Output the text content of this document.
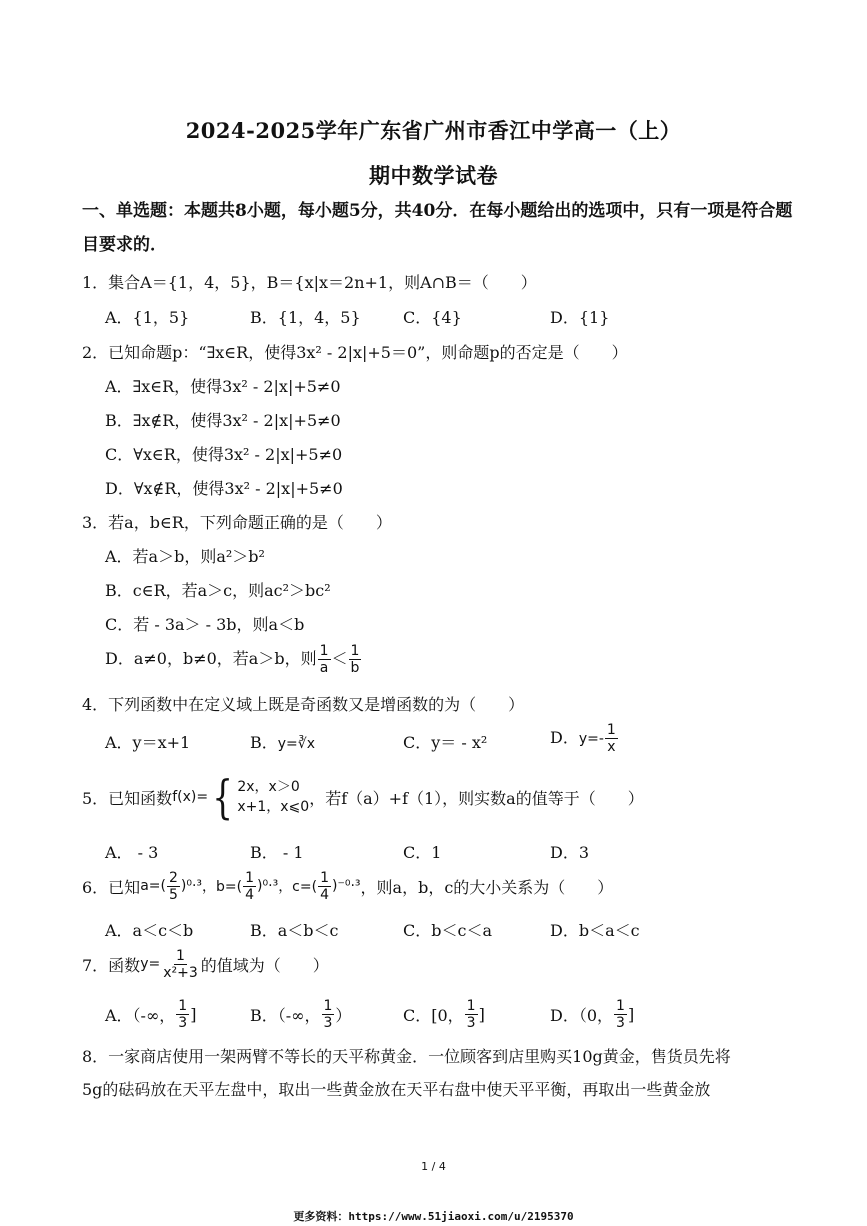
2024-2025学年广东省广州市香江中学高一（上）
期中数学试卷
一、单选题：本题共8小题，每小题5分，共40分．在每小题给出的选项中，只有一项是符合题目要求的．
1．集合A＝{1，4，5}，B＝{x|x＝2n+1，则A∩B＝（　　）
A．{1，5}	B．{1，4，5}	C．{4}	D．{1}
2．已知命题p：“∃x∈R，使得3x² - 2|x|+5＝0”，则命题p的否定是（　　）
A．∃x∈R，使得3x² - 2|x|+5≠0
B．∃x∉R，使得3x² - 2|x|+5≠0
C．∀x∈R，使得3x² - 2|x|+5≠0
D．∀x∉R，使得3x² - 2|x|+5≠0
3．若a，b∈R，下列命题正确的是（　　）
A．若a＞b，则a²＞b²
B．c∈R，若a＞c，则ac²＞bc²
C．若 - 3a＞ - 3b，则a＜b
D．a≠0，b≠0，若a＞b，则 $\frac{1}{a} < \frac{1}{b}$
4．下列函数中在定义域上既是奇函数又是增函数的为（　　）
A．y＝x+1	B．y=∛x	C．y＝ - x²	D．$y=- \frac{1}{x}$
5．已知函数 f(x)= { 2x，x＞0
x+1，x⩽0 ，若f（a）+f（1），则实数a的值等于（　　）
A． - 3	B． - 1	C．1	D．3
6．已知 $a=( \frac{2}{5} )^0\cdot^3$ ，$b=( \frac{1}{4} )^0\cdot^3$ ，$c=( \frac{1}{4} )^{-0}\cdot^3$ ，则a，b，c的大小关系为（　　）
A．a＜c＜b	B．a＜b＜c	C．b＜c＜a	D．b＜a＜c
7．函数 $y= \frac{1}{\text{x²+3}}$ 的值域为（　　）
A．（-∞， $\frac{1}{3}$ ]	B．（-∞， $\frac{1}{3}$ ）	C．[0， $\frac{1}{3}$ ]	D．（0， $\frac{1}{3}$ ]
8．一家商店使用一架两臂不等长的天平称黄金．一位顾客到店里购买10g黄金，售货员先将
5g的砝码放在天平左盘中，取出一些黄金放在天平右盘中使天平平衡，再取出一些黄金放
1 / 4
更多资料：https://www.51jiaoxi.com/u/2195370
